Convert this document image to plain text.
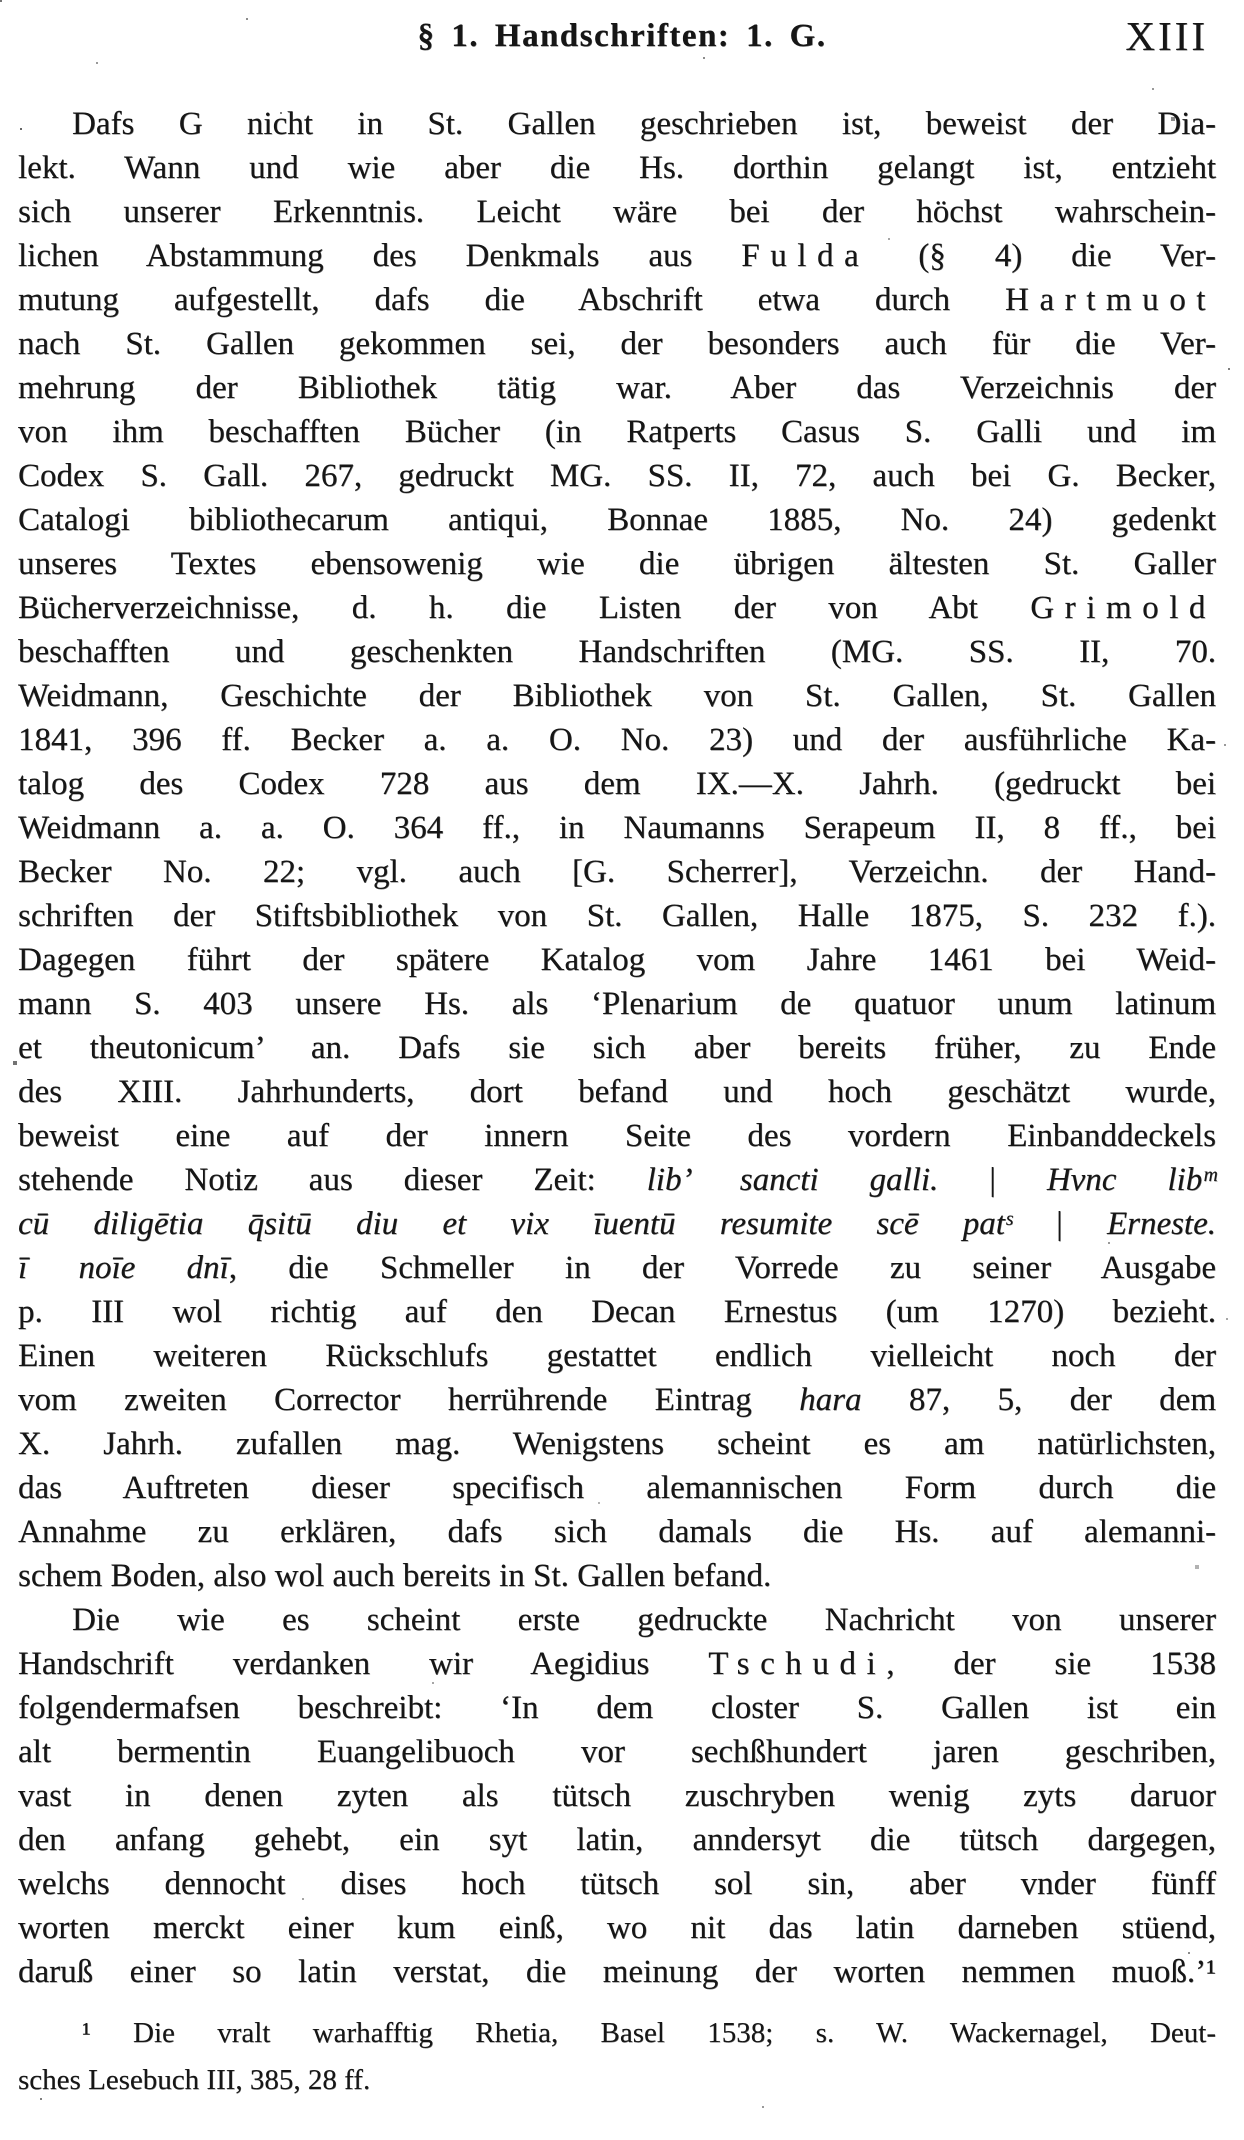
§ 1. Handschriften: 1. G.	XIII
Dafs G nicht in St. Gallen geschrieben ist, beweist der Dia-
lekt. Wann und wie aber die Hs. dorthin gelangt ist, entzieht
sich unserer Erkenntnis. Leicht wäre bei der höchst wahrschein-
lichen Abstammung des Denkmals aus Fulda (§ 4) die Ver-
mutung aufgestellt, dafs die Abschrift etwa durch Hartmuot
nach St. Gallen gekommen sei, der besonders auch für die Ver-
mehrung der Bibliothek tätig war. Aber das Verzeichnis der
von ihm beschafften Bücher (in Ratperts Casus S. Galli und im
Codex S. Gall. 267, gedruckt MG. SS. II, 72, auch bei G. Becker,
Catalogi bibliothecarum antiqui, Bonnae 1885, No. 24) gedenkt
unseres Textes ebensowenig wie die übrigen ältesten St. Galler
Bücherverzeichnisse, d. h. die Listen der von Abt Grimold
beschafften und geschenkten Handschriften (MG. SS. II, 70.
Weidmann, Geschichte der Bibliothek von St. Gallen, St. Gallen
1841, 396 ff. Becker a. a. O. No. 23) und der ausführliche Ka-
talog des Codex 728 aus dem IX.—X. Jahrh. (gedruckt bei
Weidmann a. a. O. 364 ff., in Naumanns Serapeum II, 8 ff., bei
Becker No. 22; vgl. auch [G. Scherrer], Verzeichn. der Hand-
schriften der Stiftsbibliothek von St. Gallen, Halle 1875, S. 232 f.).
Dagegen führt der spätere Katalog vom Jahre 1461 bei Weid-
mann S. 403 unsere Hs. als ‘Plenarium de quatuor unum latinum
et theutonicum’ an. Dafs sie sich aber bereits früher, zu Ende
des XIII. Jahrhunderts, dort befand und hoch geschätzt wurde,
beweist eine auf der innern Seite des vordern Einbanddeckels
stehende Notiz aus dieser Zeit: lib’ sancti galli. | Hvnc libᵐ
cū diligētia q̄sitū diu et vix īuentū resumite scē patˢ | Erneste.
ī noīe dnī, die Schmeller in der Vorrede zu seiner Ausgabe
p. III wol richtig auf den Decan Ernestus (um 1270) bezieht.
Einen weiteren Rückschlufs gestattet endlich vielleicht noch der
vom zweiten Corrector herrührende Eintrag hara 87, 5, der dem
X. Jahrh. zufallen mag. Wenigstens scheint es am natürlichsten,
das Auftreten dieser specifisch alemannischen Form durch die
Annahme zu erklären, dafs sich damals die Hs. auf alemanni-
schem Boden, also wol auch bereits in St. Gallen befand.
Die wie es scheint erste gedruckte Nachricht von unserer
Handschrift verdanken wir Aegidius Tschudi, der sie 1538
folgendermafsen beschreibt: ‘In dem closter S. Gallen ist ein
alt bermentin Euangelibuoch vor sechßhundert jaren geschriben,
vast in denen zyten als tütsch zuschryben wenig zyts daruor
den anfang gehebt, ein syt latin, anndersyt die tütsch dargegen,
welchs dennocht dises hoch tütsch sol sin, aber vnder fünff
worten merckt einer kum einß, wo nit das latin darneben stüend,
daruß einer so latin verstat, die meinung der worten nemmen muoß.’¹
¹ Die vralt warhafftig Rhetia, Basel 1538; s. W. Wackernagel, Deut-
sches Lesebuch III, 385, 28 ff.
